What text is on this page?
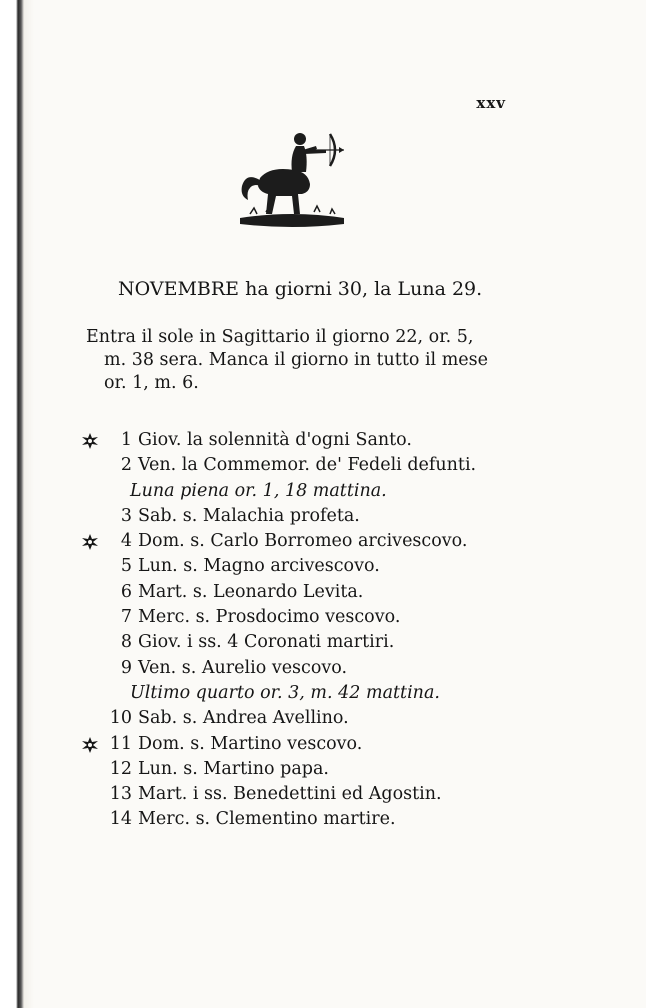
xxv
NOVEMBRE ha giorni 30, la Luna 29.
Entra il sole in Sagittario il giorno 22, or. 5,
m. 38 sera. Manca il giorno in tutto il mese
or. 1, m. 6.
1 Giov. la solennità d'ogni Santo.
2 Ven. la Commemor. de' Fedeli defunti.
Luna piena or. 1, 18 mattina.
3 Sab. s. Malachia profeta.
4 Dom. s. Carlo Borromeo arcivescovo.
5 Lun. s. Magno arcivescovo.
6 Mart. s. Leonardo Levita.
7 Merc. s. Prosdocimo vescovo.
8 Giov. i ss. 4 Coronati martiri.
9 Ven. s. Aurelio vescovo.
Ultimo quarto or. 3, m. 42 mattina.
10 Sab. s. Andrea Avellino.
11 Dom. s. Martino vescovo.
12 Lun. s. Martino papa.
13 Mart. i ss. Benedettini ed Agostin.
14 Merc. s. Clementino martire.
